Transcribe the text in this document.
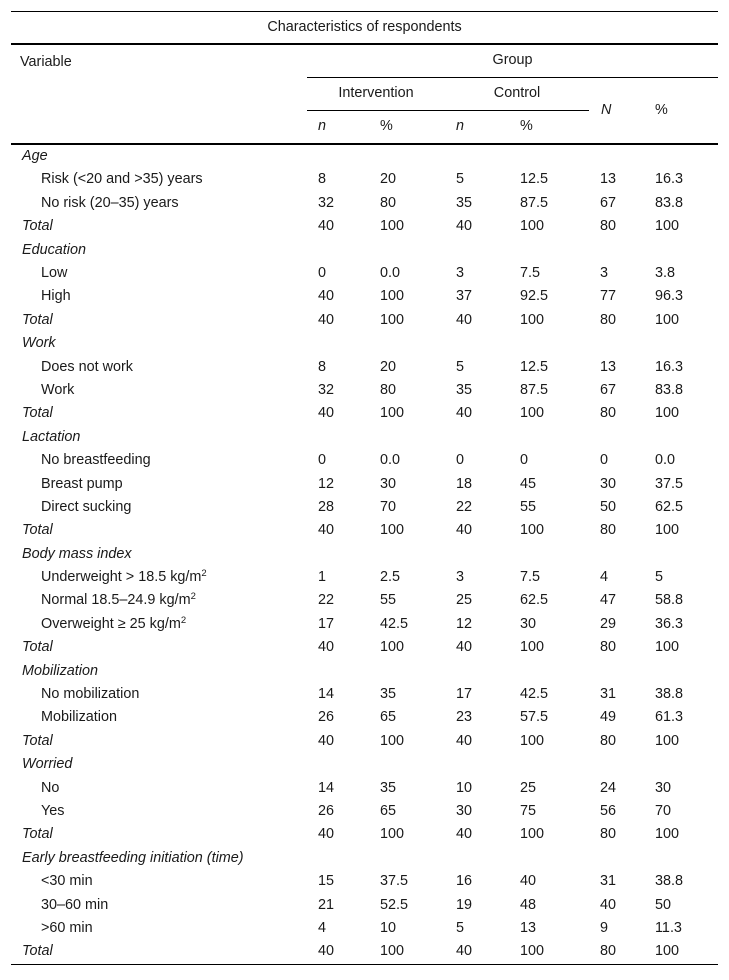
Characteristics of respondents						
Variable	Group					
	Intervention		Control		N	%
	n	%	n	%		
Age						
Risk (<20 and >35) years	8	20	5	12.5	13	16.3
No risk (20–35) years	32	80	35	87.5	67	83.8
Total	40	100	40	100	80	100
Education						
Low	0	0.0	3	7.5	3	3.8
High	40	100	37	92.5	77	96.3
Total	40	100	40	100	80	100
Work						
Does not work	8	20	5	12.5	13	16.3
Work	32	80	35	87.5	67	83.8
Total	40	100	40	100	80	100
Lactation						
No breastfeeding	0	0.0	0	0	0	0.0
Breast pump	12	30	18	45	30	37.5
Direct sucking	28	70	22	55	50	62.5
Total	40	100	40	100	80	100
Body mass index						
Underweight > 18.5 $kg/m^2$	1	2.5	3	7.5	4	5
Normal 18.5–24.9 $kg/m^2$	22	55	25	62.5	47	58.8
Overweight ≥ 25 $kg/m^2$	17	42.5	12	30	29	36.3
Total	40	100	40	100	80	100
Mobilization						
No mobilization	14	35	17	42.5	31	38.8
Mobilization	26	65	23	57.5	49	61.3
Total	40	100	40	100	80	100
Worried						
No	14	35	10	25	24	30
Yes	26	65	30	75	56	70
Total	40	100	40	100	80	100
Early breastfeeding initiation (time)						
<30 min	15	37.5	16	40	31	38.8
30–60 min	21	52.5	19	48	40	50
>60 min	4	10	5	13	9	11.3
Total	40	100	40	100	80	100
